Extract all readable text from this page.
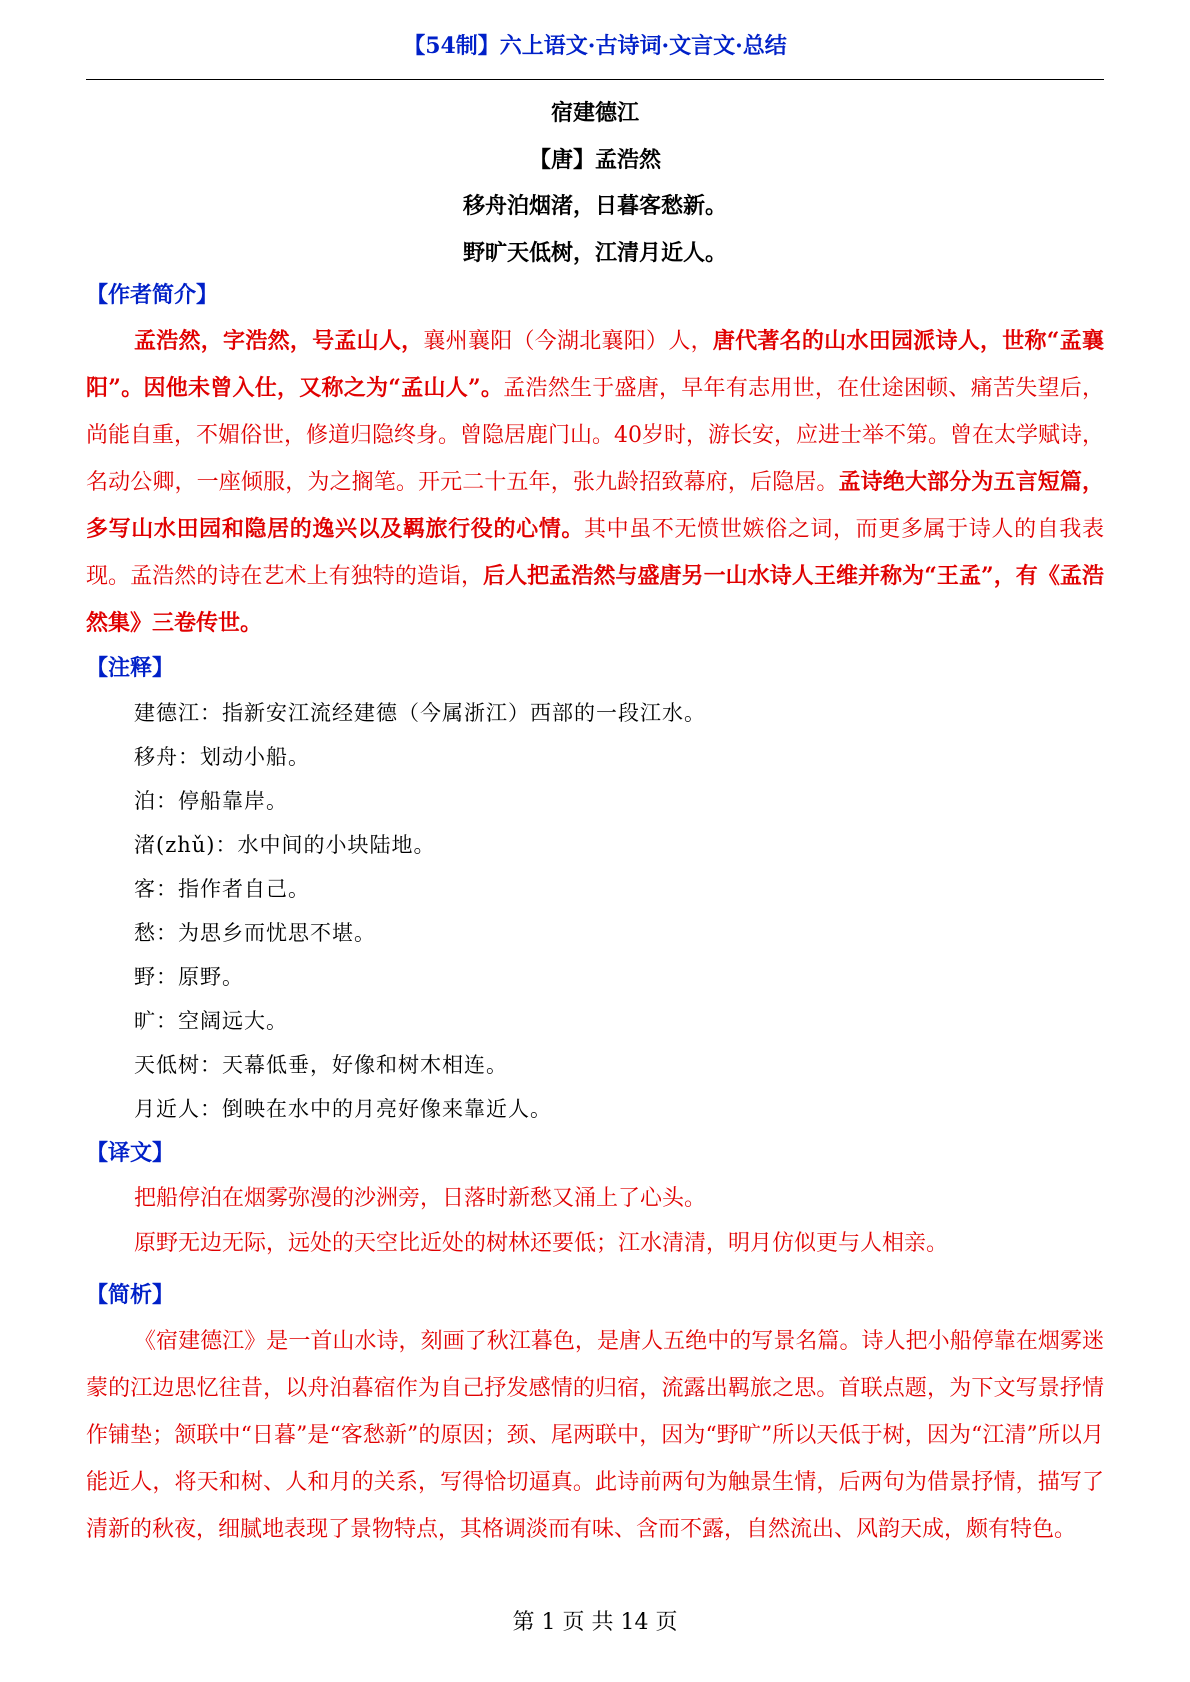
【54制】六上语文·古诗词·文言文·总结
宿建德江
【唐】孟浩然
移舟泊烟渚，日暮客愁新。
野旷天低树，江清月近人。
【作者简介】

孟浩然，字浩然，号孟山人，襄州襄阳（今湖北襄阳）人，唐代著名的山水田园派诗人，世称“孟襄阳”。因他未曾入仕，又称之为“孟山人”。孟浩然生于盛唐，早年有志用世，在仕途困顿、痛苦失望后，尚能自重，不媚俗世，修道归隐终身。曾隐居鹿门山。40岁时，游长安，应进士举不第。曾在太学赋诗，名动公卿，一座倾服，为之搁笔。开元二十五年，张九龄招致幕府，后隐居。孟诗绝大部分为五言短篇，多写山水田园和隐居的逸兴以及羁旅行役的心情。其中虽不无愤世嫉俗之词，而更多属于诗人的自我表现。孟浩然的诗在艺术上有独特的造诣，后人把孟浩然与盛唐另一山水诗人王维并称为“王孟”，有《孟浩然集》三卷传世。

【注释】
建德江：指新安江流经建德（今属浙江）西部的一段江水。
移舟：划动小船。
泊：停船靠岸。
渚(zhǔ)：水中间的小块陆地。
客：指作者自己。
愁：为思乡而忧思不堪。
野：原野。
旷：空阔远大。
天低树：天幕低垂，好像和树木相连。
月近人：倒映在水中的月亮好像来靠近人。
【译文】
把船停泊在烟雾弥漫的沙洲旁，日落时新愁又涌上了心头。
原野无边无际，远处的天空比近处的树林还要低；江水清清，明月仿似更与人相亲。
【简析】

《宿建德江》是一首山水诗，刻画了秋江暮色，是唐人五绝中的写景名篇。诗人把小船停靠在烟雾迷蒙的江边思忆往昔，以舟泊暮宿作为自己抒发感情的归宿，流露出羁旅之思。首联点题，为下文写景抒情作铺垫；颔联中“日暮”是“客愁新”的原因；颈、尾两联中，因为“野旷”所以天低于树，因为“江清”所以月能近人，将天和树、人和月的关系，写得恰切逼真。此诗前两句为触景生情，后两句为借景抒情，描写了清新的秋夜，细腻地表现了景物特点，其格调淡而有味、含而不露，自然流出、风韵天成，颇有特色。

第 1 页 共 14 页
